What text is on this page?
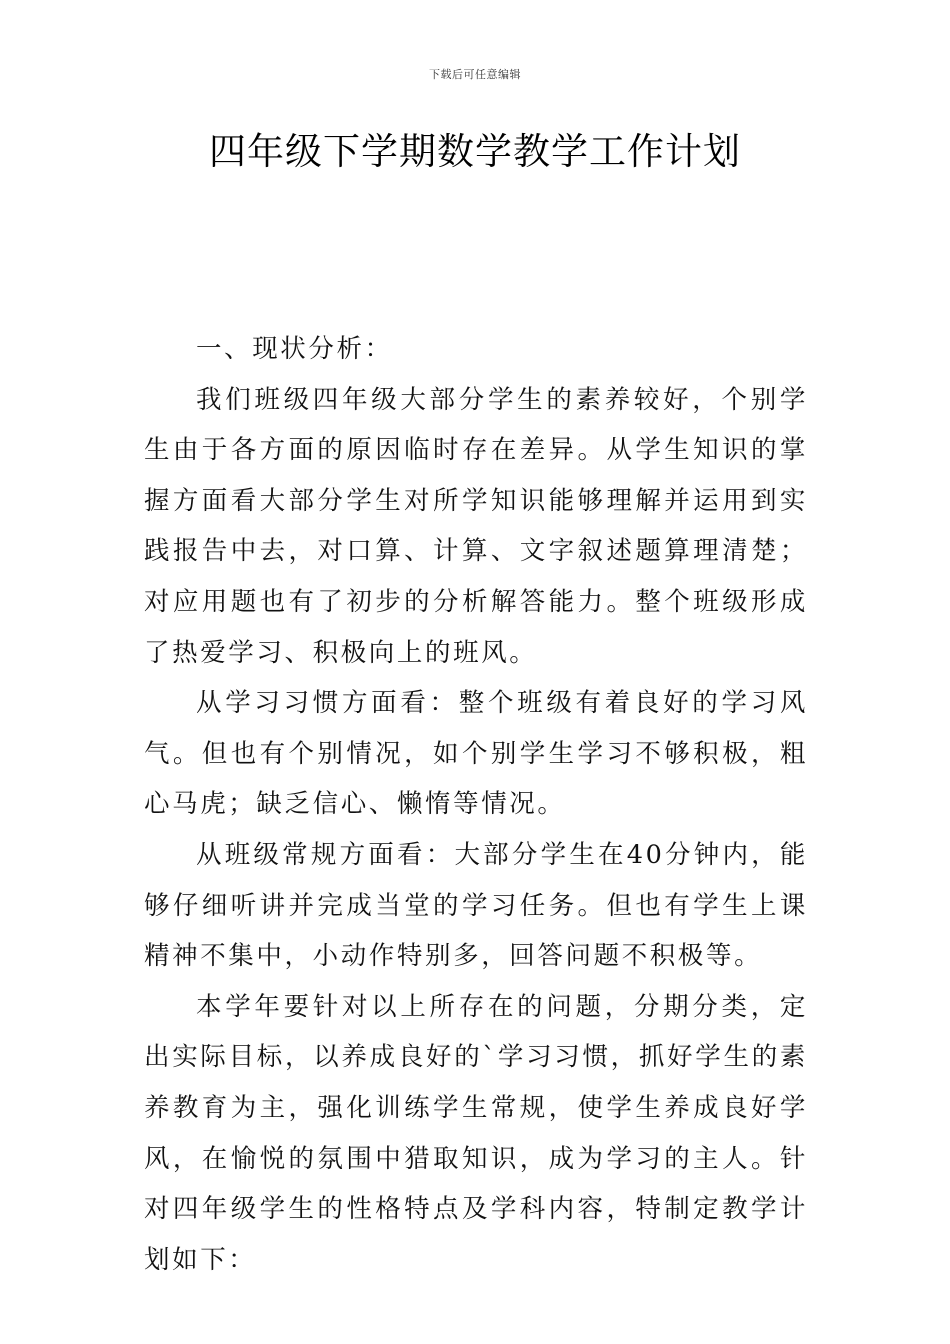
下载后可任意编辑
四年级下学期数学教学工作计划

一、现状分析：

我们班级四年级大部分学生的素养较好，个别学生由于各方面的原因临时存在差异。从学生知识的掌握方面看大部分学生对所学知识能够理解并运用到实践报告中去，对口算、计算、文字叙述题算理清楚；对应用题也有了初步的分析解答能力。整个班级形成了热爱学习、积极向上的班风。

从学习习惯方面看：整个班级有着良好的学习风气。但也有个别情况，如个别学生学习不够积极，粗心马虎；缺乏信心、懒惰等情况。

从班级常规方面看：大部分学生在40分钟内，能够仔细听讲并完成当堂的学习任务。但也有学生上课精神不集中，小动作特别多，回答问题不积极等。

本学年要针对以上所存在的问题，分期分类，定出实际目标，以养成良好的`学习习惯，抓好学生的素养教育为主，强化训练学生常规，使学生养成良好学风，在愉悦的氛围中猎取知识，成为学习的主人。针对四年级学生的性格特点及学科内容，特制定教学计划如下：
